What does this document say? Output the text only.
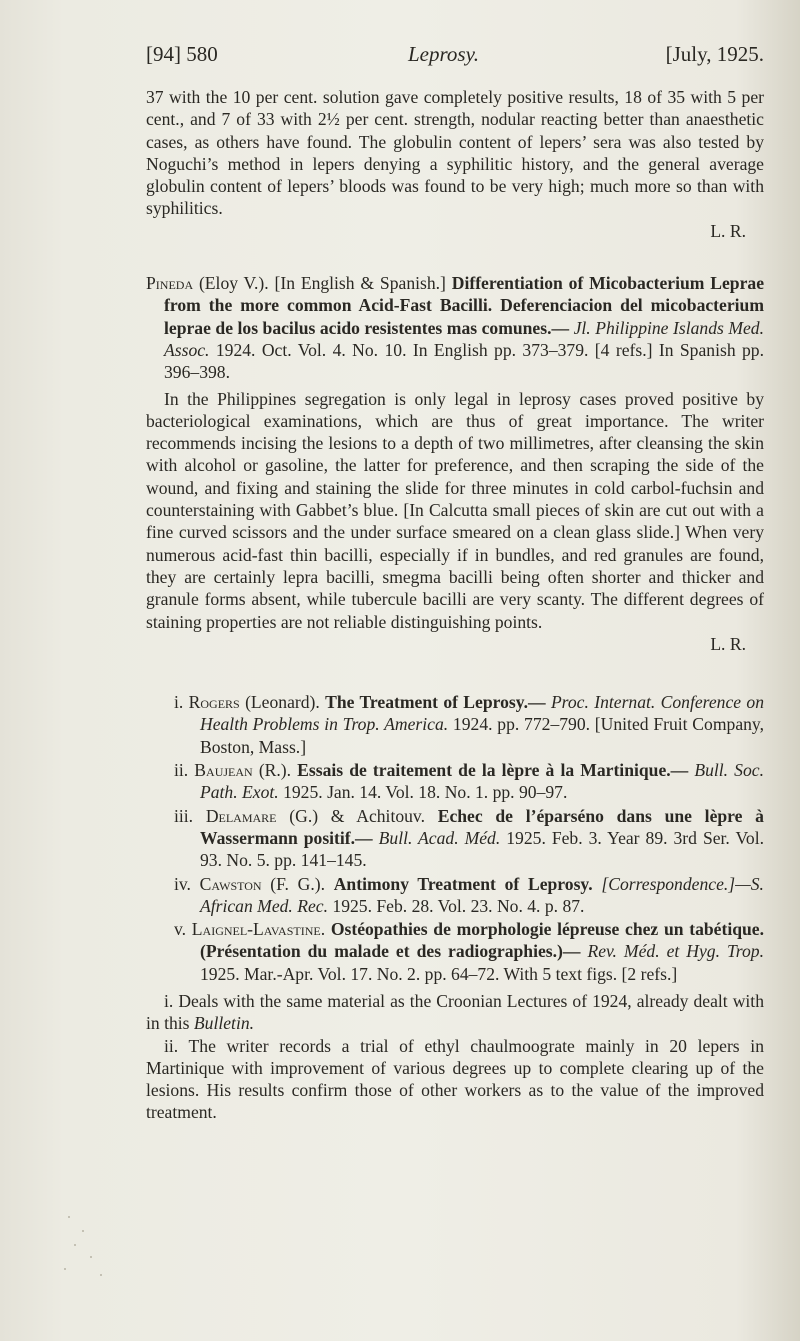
[94] 580	Leprosy.	[July, 1925.

37 with the 10 per cent. solution gave completely positive results, 18 of 35 with 5 per cent., and 7 of 33 with 2½ per cent. strength, nodular reacting better than anaesthetic cases, as others have found. The globulin content of lepers’ sera was also tested by Noguchi’s method in lepers denying a syphilitic history, and the general average globulin content of lepers’ bloods was found to be very high; much more so than with syphilitics.

L. R.

Pineda (Eloy V.). [In English & Spanish.] Differentiation of Micobacterium Leprae from the more common Acid-Fast Bacilli. Deferenciacion del micobacterium leprae de los bacilus acido resistentes mas comunes.— Jl. Philippine Islands Med. Assoc. 1924. Oct. Vol. 4. No. 10. In English pp. 373–379. [4 refs.] In Spanish pp. 396–398.

In the Philippines segregation is only legal in leprosy cases proved positive by bacteriological examinations, which are thus of great importance. The writer recommends incising the lesions to a depth of two millimetres, after cleansing the skin with alcohol or gasoline, the latter for preference, and then scraping the side of the wound, and fixing and staining the slide for three minutes in cold carbol-fuchsin and counterstaining with Gabbet’s blue. [In Calcutta small pieces of skin are cut out with a fine curved scissors and the under surface smeared on a clean glass slide.] When very numerous acid-fast thin bacilli, especially if in bundles, and red granules are found, they are certainly lepra bacilli, smegma bacilli being often shorter and thicker and granule forms absent, while tubercule bacilli are very scanty. The different degrees of staining properties are not reliable distinguishing points.

L. R.

i. Rogers (Leonard). The Treatment of Leprosy.— Proc. Internat. Conference on Health Problems in Trop. America. 1924. pp. 772–790. [United Fruit Company, Boston, Mass.]

ii. Baujean (R.). Essais de traitement de la lèpre à la Martinique.— Bull. Soc. Path. Exot. 1925. Jan. 14. Vol. 18. No. 1. pp. 90–97.

iii. Delamare (G.) & Achitouv. Echec de l’éparséno dans une lèpre à Wassermann positif.— Bull. Acad. Méd. 1925. Feb. 3. Year 89. 3rd Ser. Vol. 93. No. 5. pp. 141–145.

iv. Cawston (F. G.). Antimony Treatment of Leprosy. [Correspondence.]—S. African Med. Rec. 1925. Feb. 28. Vol. 23. No. 4. p. 87.

v. Laignel-Lavastine. Ostéopathies de morphologie lépreuse chez un tabétique. (Présentation du malade et des radiographies.)— Rev. Méd. et Hyg. Trop. 1925. Mar.-Apr. Vol. 17. No. 2. pp. 64–72. With 5 text figs. [2 refs.]

i. Deals with the same material as the Croonian Lectures of 1924, already dealt with in this Bulletin.

ii. The writer records a trial of ethyl chaulmoograte mainly in 20 lepers in Martinique with improvement of various degrees up to complete clearing up of the lesions. His results confirm those of other workers as to the value of the improved treatment.
